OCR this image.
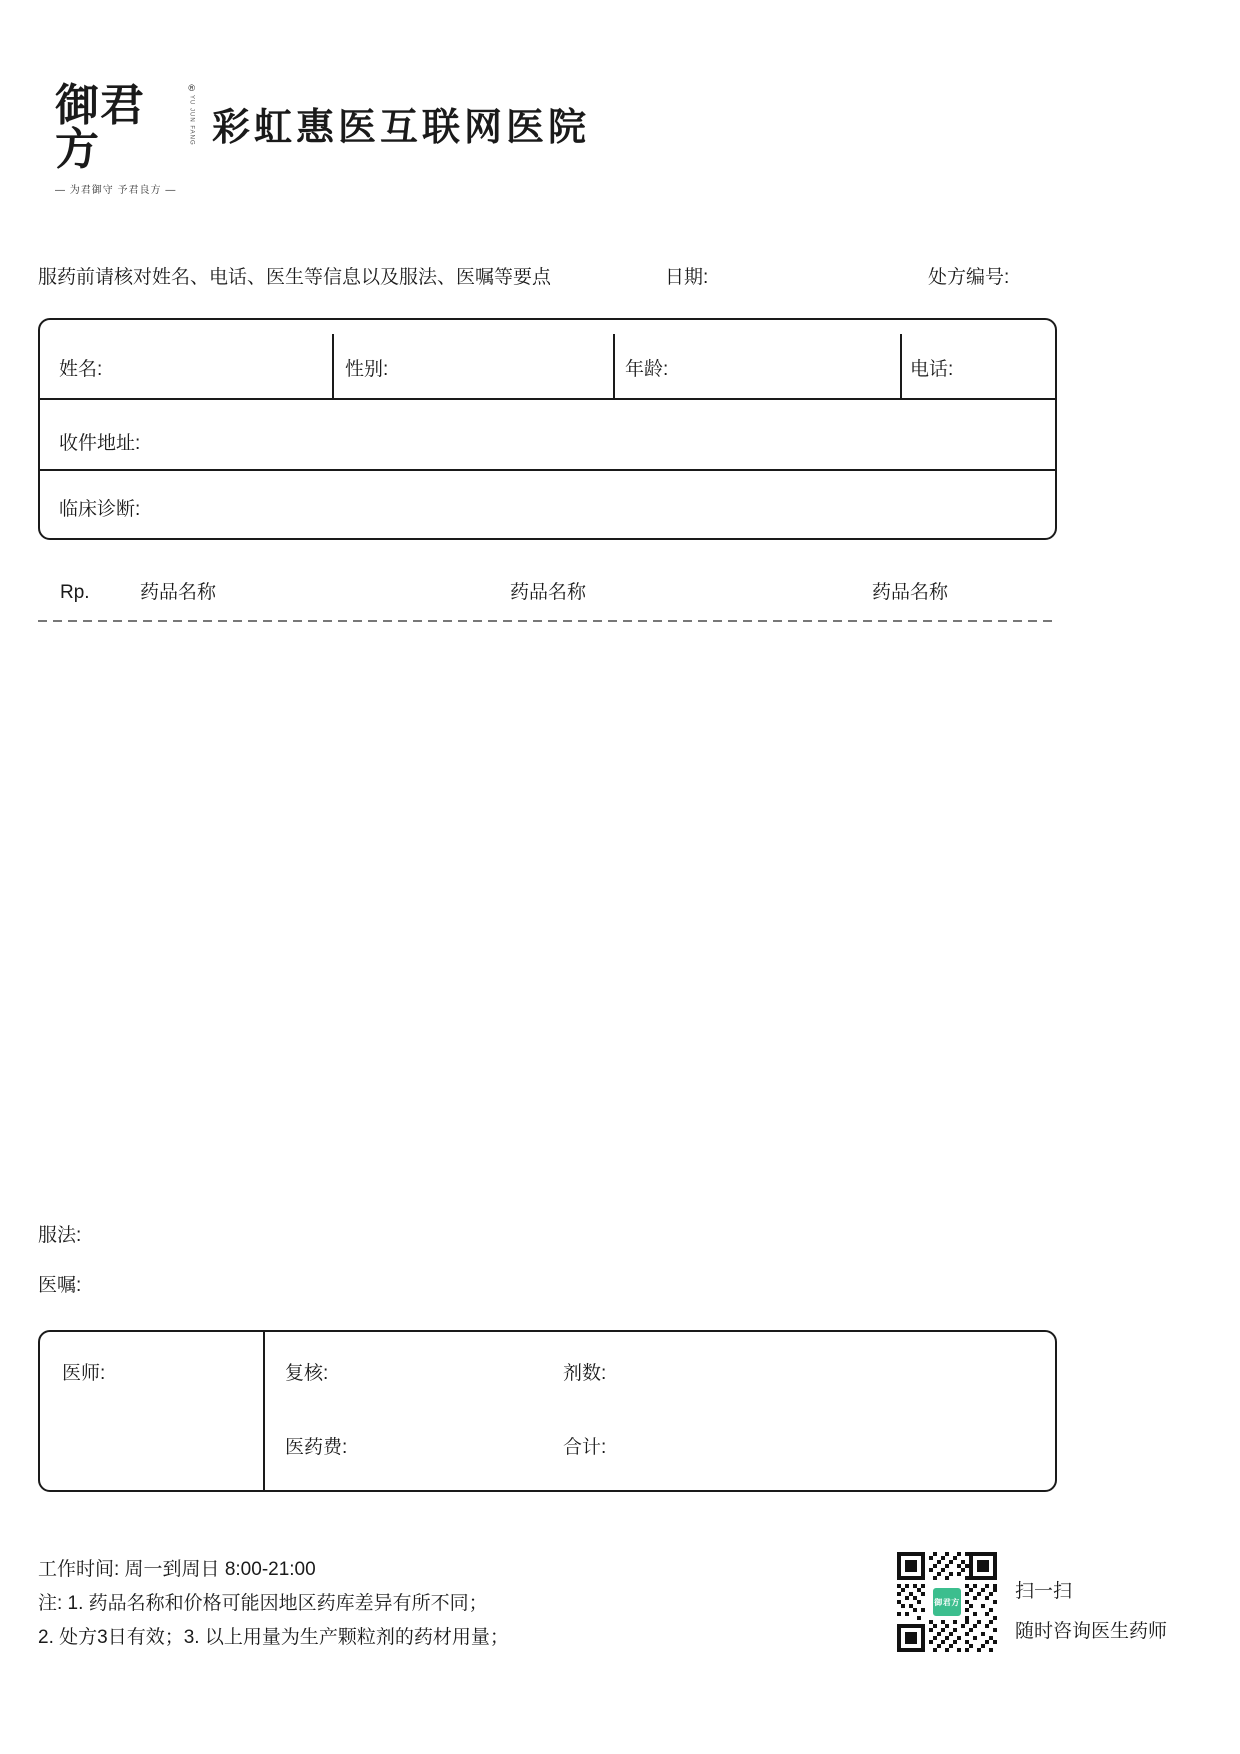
御君方
®
YU JUN FANG
— 为君御守 予君良方 —
彩虹惠医互联网医院
服药前请核对姓名、电话、医生等信息以及服法、医嘱等要点	日期:	处方编号:
姓名:	性别:	年龄:	电话:
收件地址:
临床诊断:
Rp.	药品名称	药品名称	药品名称
服法:
医嘱:
医师:	复核:	剂数:
医药费:	合计:
工作时间: 周一到周日 8:00-21:00
注: 1. 药品名称和价格可能因地区药库差异有所不同；
2. 处方3日有效；3. 以上用量为生产颗粒剂的药材用量；
御君方	扫一扫
随时咨询医生药师
